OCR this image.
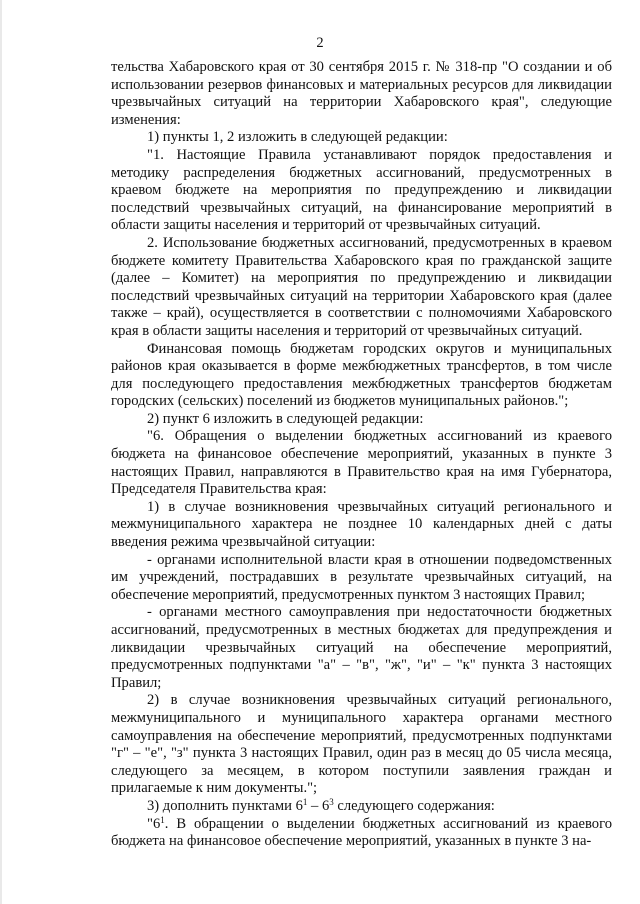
2

тельства Хабаровского края от 30 сентября 2015 г. № 318-пр "О создании и об использовании резервов финансовых и материальных ресурсов для ликвидации чрезвычайных ситуаций на территории Хабаровского края", следующие изменения:

1) пункты 1, 2 изложить в следующей редакции:

"1. Настоящие Правила устанавливают порядок предоставления и методику распределения бюджетных ассигнований, предусмотренных в краевом бюджете на мероприятия по предупреждению и ликвидации последствий чрезвычайных ситуаций, на финансирование мероприятий в области защиты населения и территорий от чрезвычайных ситуаций.

2. Использование бюджетных ассигнований, предусмотренных в краевом бюджете комитету Правительства Хабаровского края по гражданской защите (далее – Комитет) на мероприятия по предупреждению и ликвидации последствий чрезвычайных ситуаций на территории Хабаровского края (далее также – край), осуществляется в соответствии с полномочиями Хабаровского края в области защиты населения и территорий от чрезвычайных ситуаций.

Финансовая помощь бюджетам городских округов и муниципальных районов края оказывается в форме межбюджетных трансфертов, в том числе для последующего предоставления межбюджетных трансфертов бюджетам городских (сельских) поселений из бюджетов муниципальных районов.";

2) пункт 6 изложить в следующей редакции:

"6. Обращения о выделении бюджетных ассигнований из краевого бюджета на финансовое обеспечение мероприятий, указанных в пункте 3 настоящих Правил, направляются в Правительство края на имя Губернатора, Председателя Правительства края:

1) в случае возникновения чрезвычайных ситуаций регионального и межмуниципального характера не позднее 10 календарных дней с даты введения режима чрезвычайной ситуации:

- органами исполнительной власти края в отношении подведомственных им учреждений, пострадавших в результате чрезвычайных ситуаций, на обеспечение мероприятий, предусмотренных пунктом 3 настоящих Правил;

- органами местного самоуправления при недостаточности бюджетных ассигнований, предусмотренных в местных бюджетах для предупреждения и ликвидации чрезвычайных ситуаций на обеспечение мероприятий, предусмотренных подпунктами "а" – "в", "ж", "и" – "к" пункта 3 настоящих Правил;

2) в случае возникновения чрезвычайных ситуаций регионального, межмуниципального и муниципального характера органами местного самоуправления на обеспечение мероприятий, предусмотренных подпунктами "г" – "е", "з" пункта 3 настоящих Правил, один раз в месяц до 05 числа месяца, следующего за месяцем, в котором поступили заявления граждан и прилагаемые к ним документы.";

3) дополнить пунктами $6^1 - 6^3$ следующего содержания:

"$6^1$. В обращении о выделении бюджетных ассигнований из краевого бюджета на финансовое обеспечение мероприятий, указанных в пункте 3 на-
